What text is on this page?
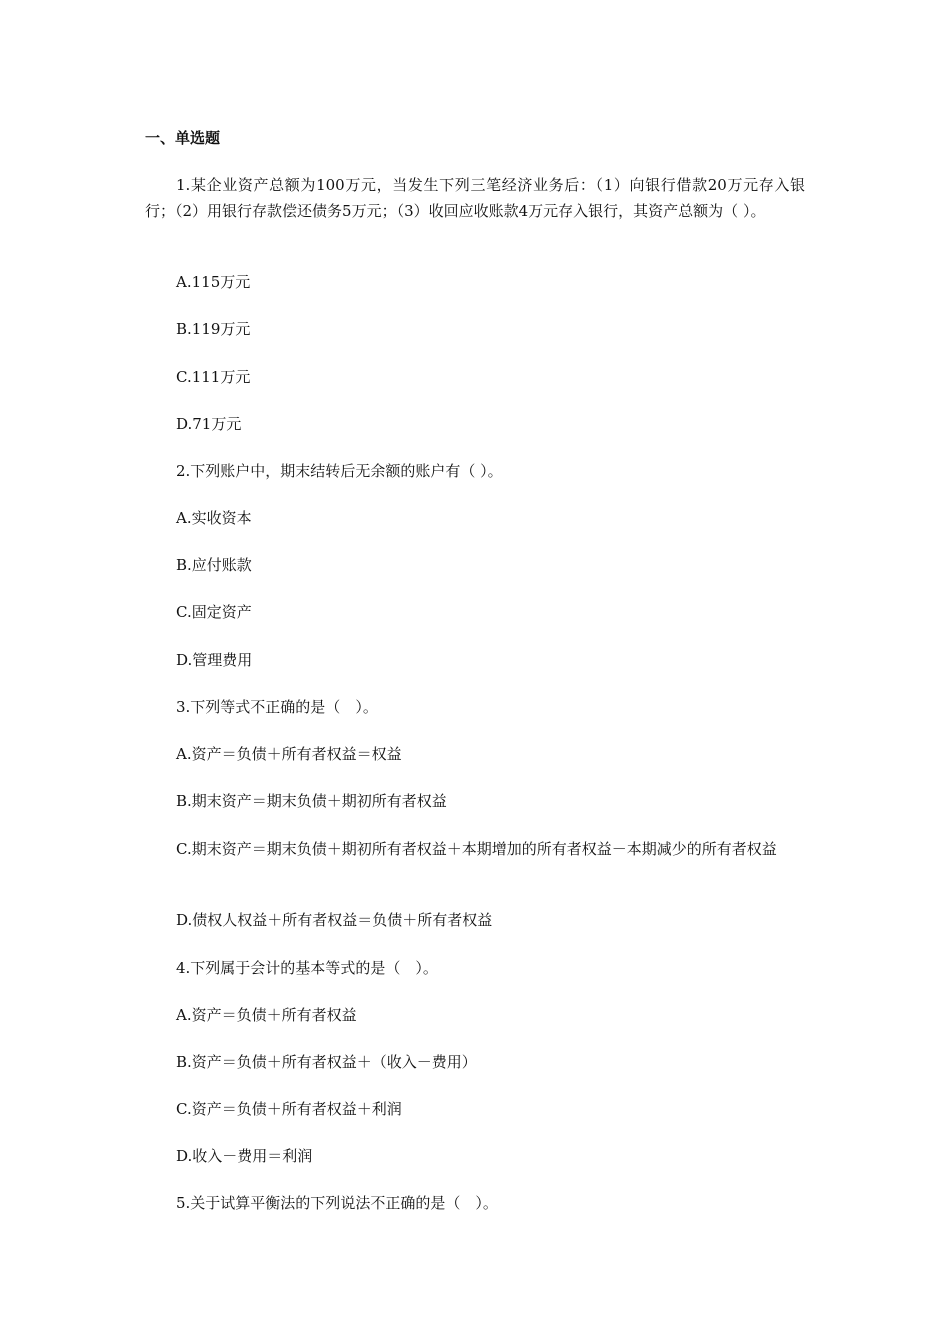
一、单选题
1.某企业资产总额为100万元，当发生下列三笔经济业务后：（1）向银行借款20万元存入银行；（2）用银行存款偿还债务5万元；（3）收回应收账款4万元存入银行，其资产总额为（ ）。
A.115万元
B.119万元
C.111万元
D.71万元
2.下列账户中，期末结转后无余额的账户有（ ）。
A.实收资本
B.应付账款
C.固定资产
D.管理费用
3.下列等式不正确的是（　）。
A.资产＝负债＋所有者权益＝权益
B.期末资产＝期末负债＋期初所有者权益
C.期末资产＝期末负债＋期初所有者权益＋本期增加的所有者权益－本期减少的所有者权益
D.债权人权益＋所有者权益＝负债＋所有者权益
4.下列属于会计的基本等式的是（　）。
A.资产＝负债＋所有者权益
B.资产＝负债＋所有者权益＋（收入－费用）
C.资产＝负债＋所有者权益＋利润
D.收入－费用＝利润
5.关于试算平衡法的下列说法不正确的是（　）。
